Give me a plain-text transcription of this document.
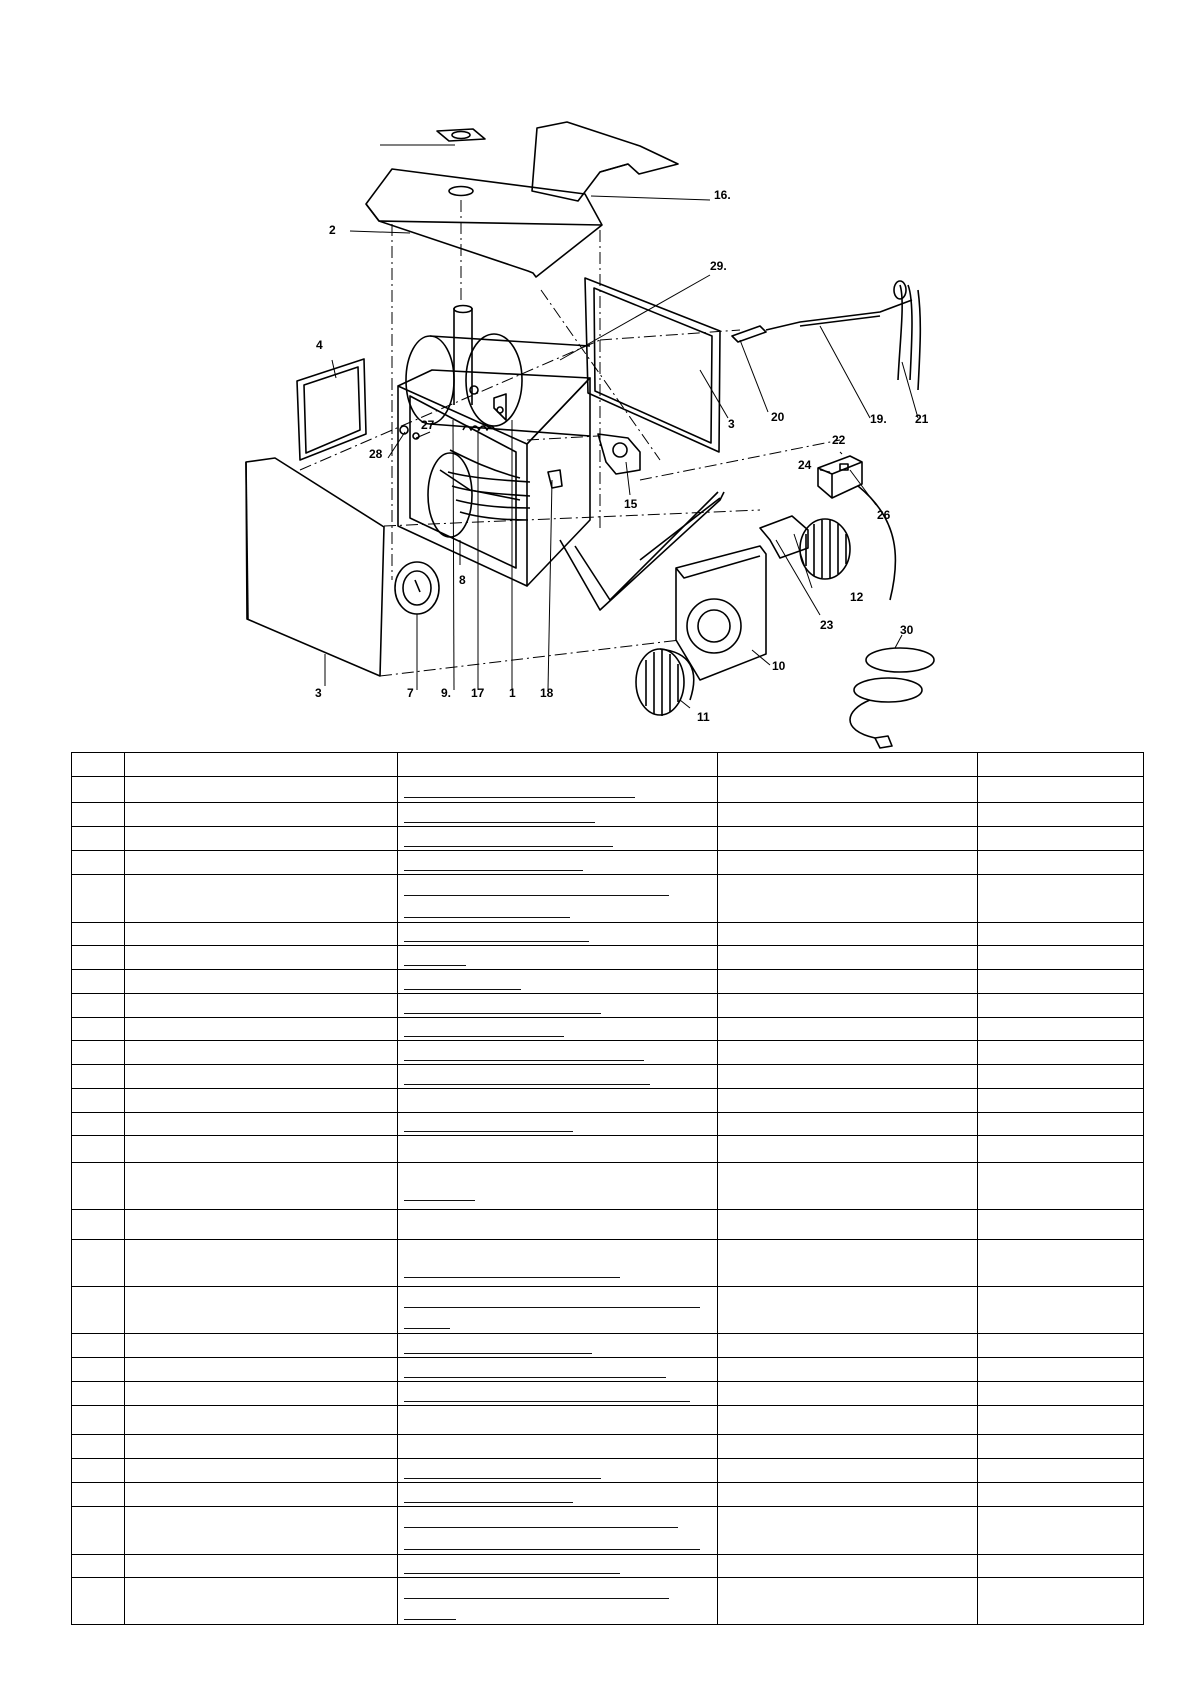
2
16.
29.
4
27
28
20	19. 21
3
22
24
26
15
8
12
23	30
10
11
3	7 9. 17 1 18
